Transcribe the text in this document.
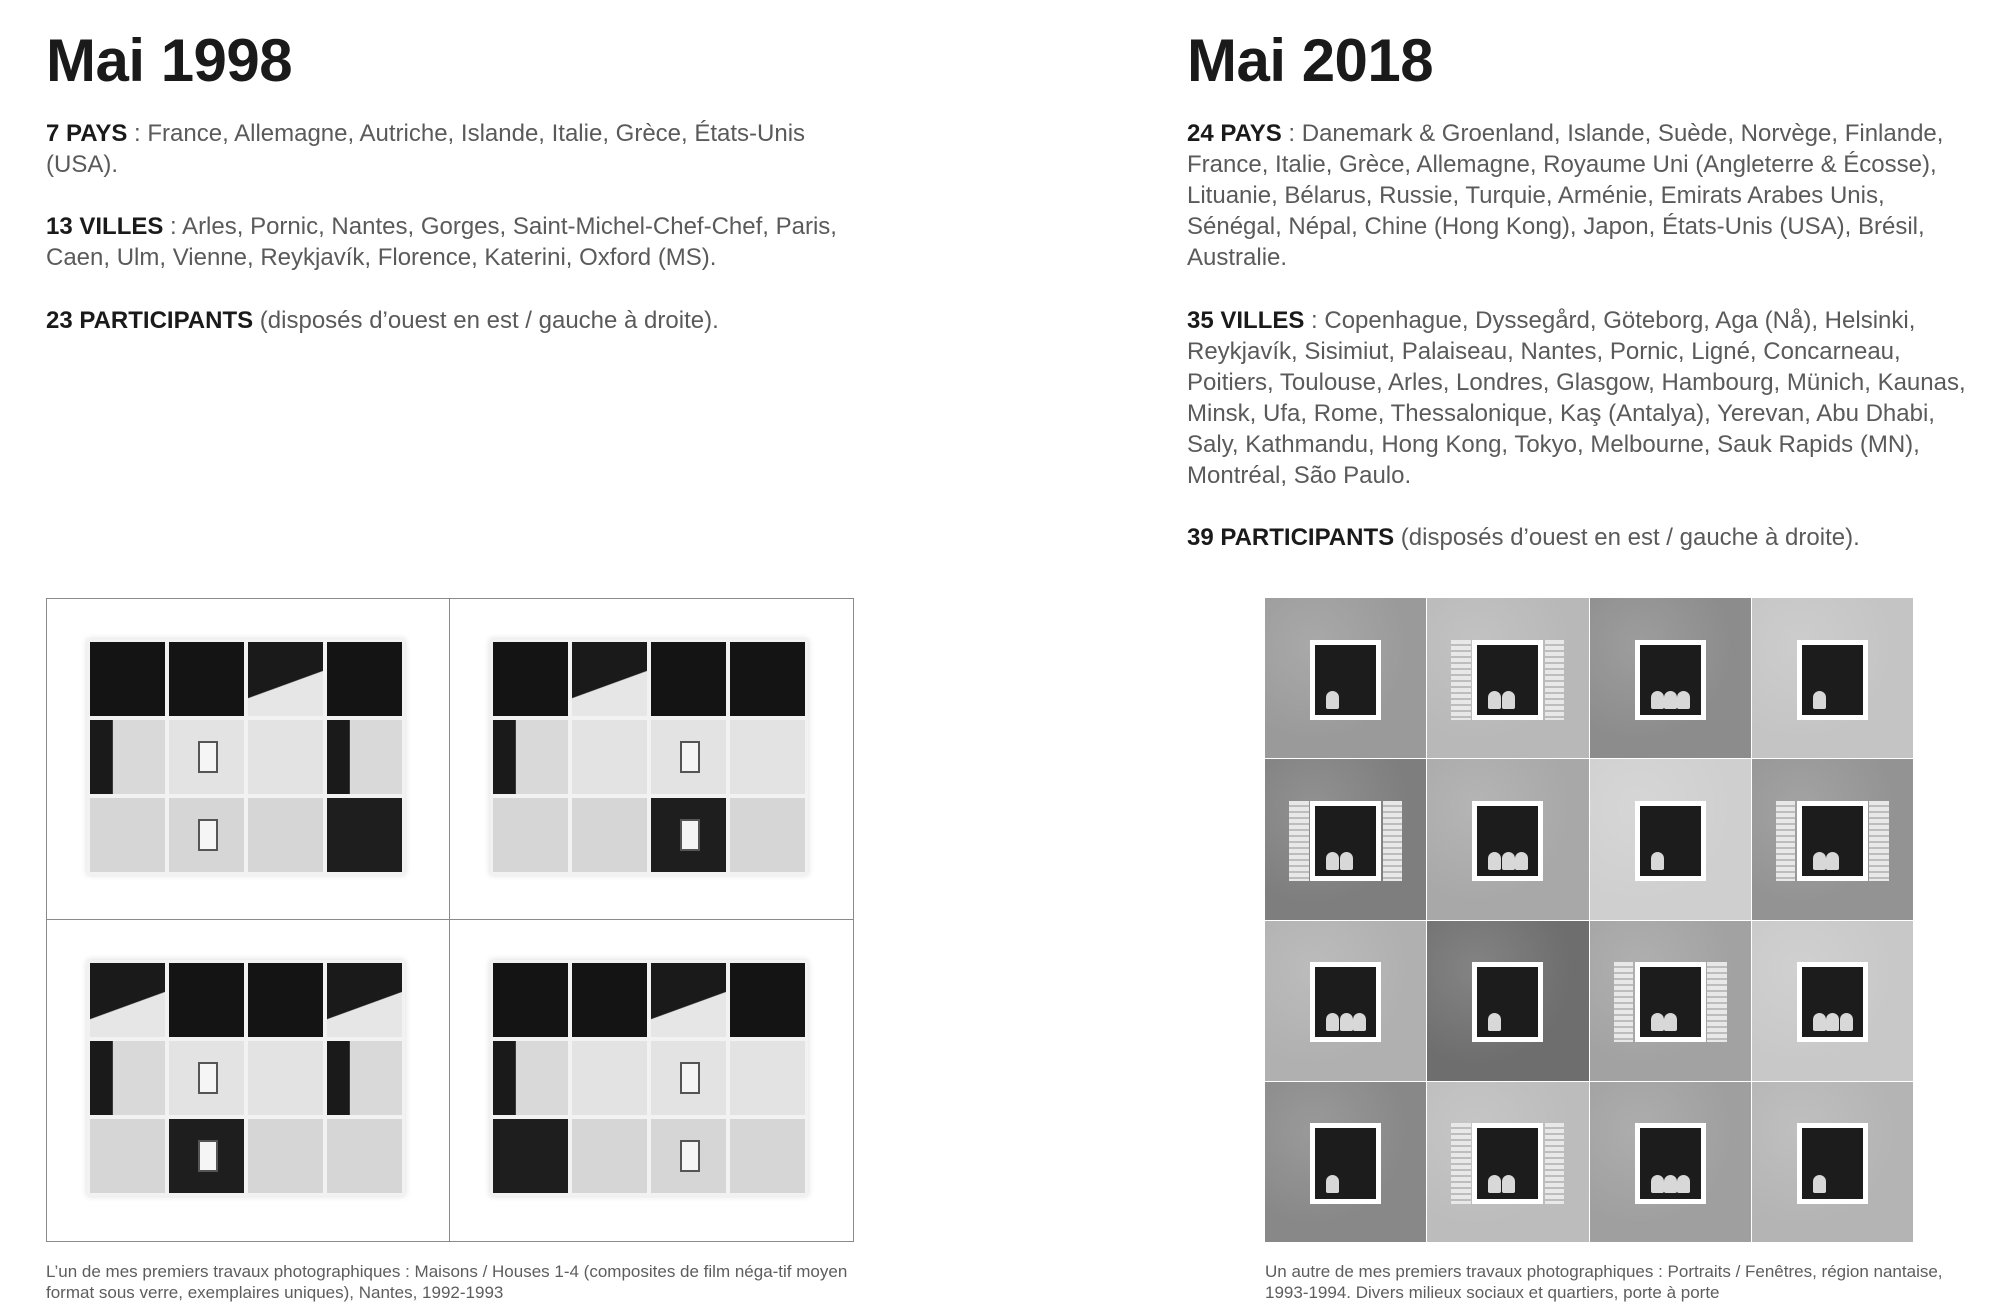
Mai 1998

7 PAYS : France, Allemagne, Autriche, Islande, Italie, Grèce, États-Unis (USA).

13 VILLES : Arles, Pornic, Nantes, Gorges, Saint-Michel-Chef-Chef, Paris, Caen, Ulm, Vienne, Reykjavík, Florence, Katerini, Oxford (MS).

23 PARTICIPANTS (disposés d’ouest en est / gauche à droite).

L’un de mes premiers travaux photographiques : Maisons / Houses 1-4 (composites de film néga-tif moyen format sous verre, exemplaires uniques), Nantes, 1992-1993

Mai 2018

24 PAYS : Danemark & Groenland, Islande, Suède, Norvège, Finlande, France, Italie, Grèce, Allemagne, Royaume Uni (Angleterre & Écosse), Lituanie, Bélarus, Russie, Turquie, Arménie, Emirats Arabes Unis, Sénégal, Népal, Chine (Hong Kong), Japon, États-Unis (USA), Brésil, Australie.

35 VILLES : Copenhague, Dyssegård, Göteborg, Aga (Nå), Helsinki, Reykjavík, Sisimiut, Palaiseau, Nantes, Pornic, Ligné, Concarneau, Poitiers, Toulouse, Arles, Londres, Glasgow, Hambourg, Münich, Kaunas, Minsk, Ufa, Rome, Thessalonique, Kaş (Antalya), Yerevan, Abu Dhabi, Saly, Kathmandu, Hong Kong, Tokyo, Melbourne, Sauk Rapids (MN), Montréal, São Paulo.

39 PARTICIPANTS (disposés d’ouest en est / gauche à droite).

Un autre de mes premiers travaux photographiques : Portraits / Fenêtres, région nantaise, 1993-1994. Divers milieux sociaux et quartiers, porte à porte
